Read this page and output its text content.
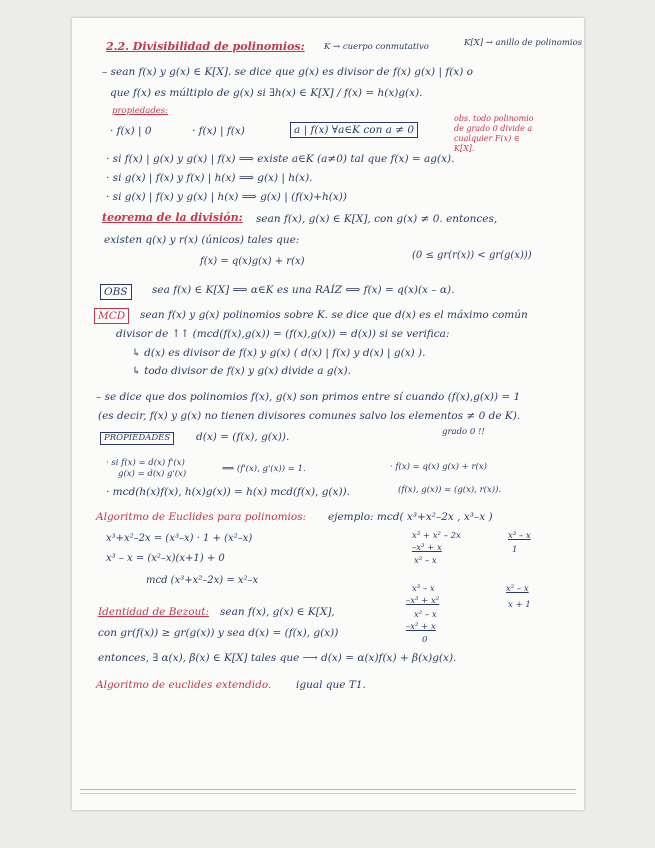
2.2. Divisibilidad de polinomios: K → cuerpo conmutativo	K[X] → anillo de polinomios
– sean f(x) y g(x) ∈ K[X]. se dice que g(x) es divisor de f(x) g(x) | f(x) o
que f(x) es múltiplo de g(x) si ∃h(x) ∈ K[X] / f(x) = h(x)g(x).
propiedades:
· f(x) | 0	· f(x) | f(x)	a | f(x) ∀a∈K con a ≠ 0
obs. todo polinomio de grado 0 divide a cualquier F(x) ∈ K[X].
· si f(x) | g(x) y g(x) | f(x) ⟹ existe a∈K (a≠0) tal que f(x) = ag(x).
· si g(x) | f(x) y f(x) | h(x) ⟹ g(x) | h(x).
· si g(x) | f(x) y g(x) | h(x) ⟹ g(x) | (f(x)+h(x))
teorema de la división: sean f(x), g(x) ∈ K[X], con g(x) ≠ 0. entonces,
existen q(x) y r(x) (únicos) tales que:
f(x) = q(x)g(x) + r(x)
(0 ≤ gr(r(x)) < gr(g(x)))
OBS	sea f(x) ∈ K[X] ⟹ α∈K es una RAÍZ ⟺ f(x) = q(x)(x – α).
MCD	sean f(x) y g(x) polinomios sobre K. se dice que d(x) es el máximo común
divisor de ↑↑ (mcd(f(x),g(x)) = (f(x),g(x)) = d(x)) si se verifica:
↳ d(x) es divisor de f(x) y g(x) ( d(x) | f(x) y d(x) | g(x) ).
↳ todo divisor de f(x) y g(x) divide a g(x).
– se dice que dos polinomios f(x), g(x) son primos entre sí cuando (f(x),g(x)) = 1
(es decir, f(x) y g(x) no tienen divisores comunes salvo los elementos ≠ 0 de K).
grado 0 !!
PROPIEDADES	d(x) = (f(x), g(x)).
· si f(x) = d(x) f'(x)
g(x) = d(x) g'(x)	⟹ (f'(x), g'(x)) = 1.	· f(x) = q(x) g(x) + r(x)
(f(x), g(x)) = (g(x), r(x)).
· mcd(h(x)f(x), h(x)g(x)) = h(x) mcd(f(x), g(x)).
Algoritmo de Euclides para polinomios: ejemplo: mcd( x³+x²–2x , x³–x )
x³+x²–2x = (x³–x) · 1 + (x²–x)
x³ – x = (x²–x)(x+1) + 0
mcd (x³+x²–2x) = x²–x
x³ + x² – 2x
–x³ + x
x² – x
x³ – x
1
x³ – x
–x³ + x²
x² – x
–x² + x
0
x² – x
x + 1
Identidad de Bezout: sean f(x), g(x) ∈ K[X],
con gr(f(x)) ≥ gr(g(x)) y sea d(x) = (f(x), g(x))
entonces, ∃ α(x), β(x) ∈ K[X] tales que ⟶ d(x) = α(x)f(x) + β(x)g(x).
Algoritmo de euclides extendido. igual que T1.
